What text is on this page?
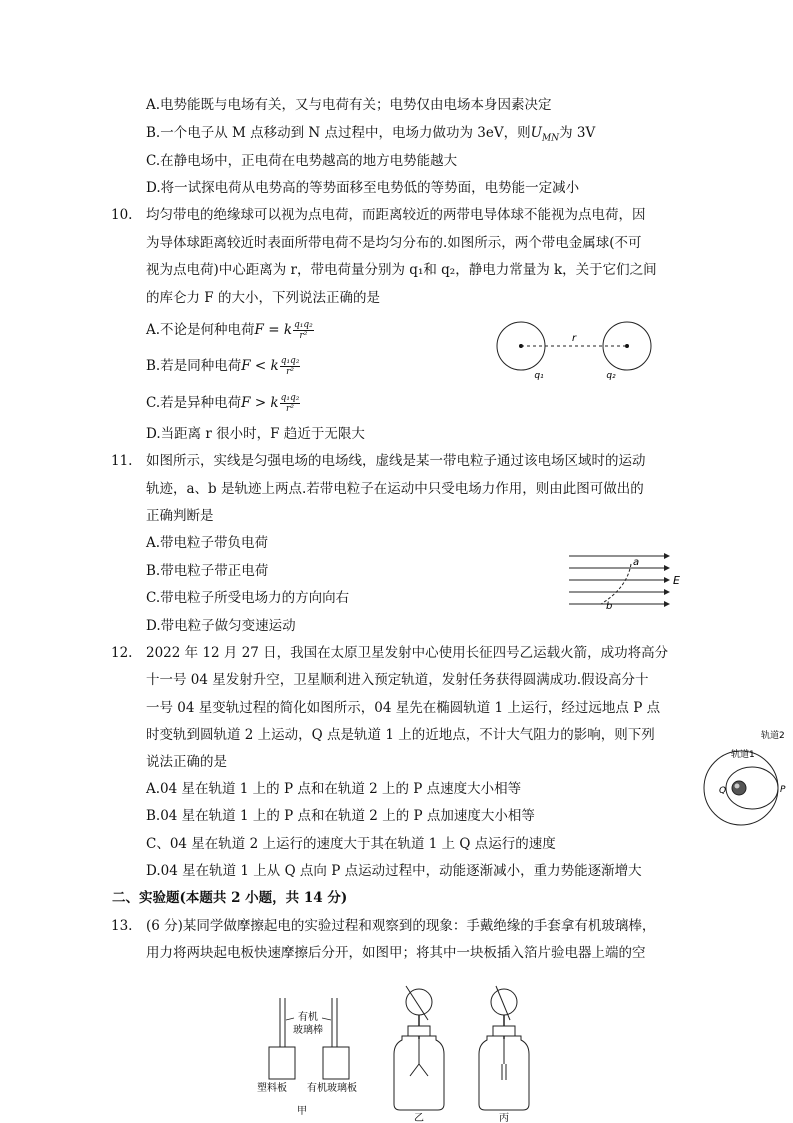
A.电势能既与电场有关，又与电荷有关；电势仅由电场本身因素决定
B.一个电子从 M 点移动到 N 点过程中，电场力做功为 3eV，则$U_{MN}$为 3V
C.在静电场中，正电荷在电势越高的地方电势能越大
D.将一试探电荷从电势高的等势面移至电势低的等势面，电势能一定减小
10. 均匀带电的绝缘球可以视为点电荷，而距离较近的两带电导体球不能视为点电荷，因
为导体球距离较近时表面所带电荷不是均匀分布的.如图所示，两个带电金属球(不可
视为点电荷)中心距离为 r，带电荷量分别为 q₁和 q₂，静电力常量为 k，关于它们之间
的库仑力 F 的大小，下列说法正确的是
A.不论是何种电荷F = k $\frac{\text{q₁q₂}}{\text{r²}}$
B.若是同种电荷F < k $\frac{\text{q₁q₂}}{\text{r²}}$
C.若是异种电荷F > k $\frac{\text{q₁q₂}}{\text{r²}}$
D.当距离 r 很小时，F 趋近于无限大
r
q₁	q₂
11. 如图所示，实线是匀强电场的电场线，虚线是某一带电粒子通过该电场区域时的运动
轨迹，a、b 是轨迹上两点.若带电粒子在运动中只受电场力作用，则由此图可做出的
正确判断是
A.带电粒子带负电荷
B.带电粒子带正电荷
C.带电粒子所受电场力的方向向右
D.带电粒子做匀变速运动
a
b
E
12. 2022 年 12 月 27 日，我国在太原卫星发射中心使用长征四号乙运载火箭，成功将高分
十一号 04 星发射升空，卫星顺利进入预定轨道，发射任务获得圆满成功.假设高分十
一号 04 星变轨过程的简化如图所示，04 星先在椭圆轨道 1 上运行，经过远地点 P 点
时变轨到圆轨道 2 上运动，Q 点是轨道 1 上的近地点，不计大气阻力的影响，则下列
说法正确的是
A.04 星在轨道 1 上的 P 点和在轨道 2 上的 P 点速度大小相等
B.04 星在轨道 1 上的 P 点和在轨道 2 上的 P 点加速度大小相等
C、04 星在轨道 2 上运行的速度大于其在轨道 1 上 Q 点运行的速度
D.04 星在轨道 1 上从 Q 点向 P 点运动过程中，动能逐渐减小，重力势能逐渐增大
轨道2
轨道1
Q	P
二、实验题(本题共 2 小题，共 14 分)
13. (6 分)某同学做摩擦起电的实验过程和观察到的现象：手戴绝缘的手套拿有机玻璃棒，
用力将两块起电板快速摩擦后分开，如图甲；将其中一块板插入箔片验电器上端的空
有机
玻璃棒
塑料板 有机玻璃板
甲
乙	丙
